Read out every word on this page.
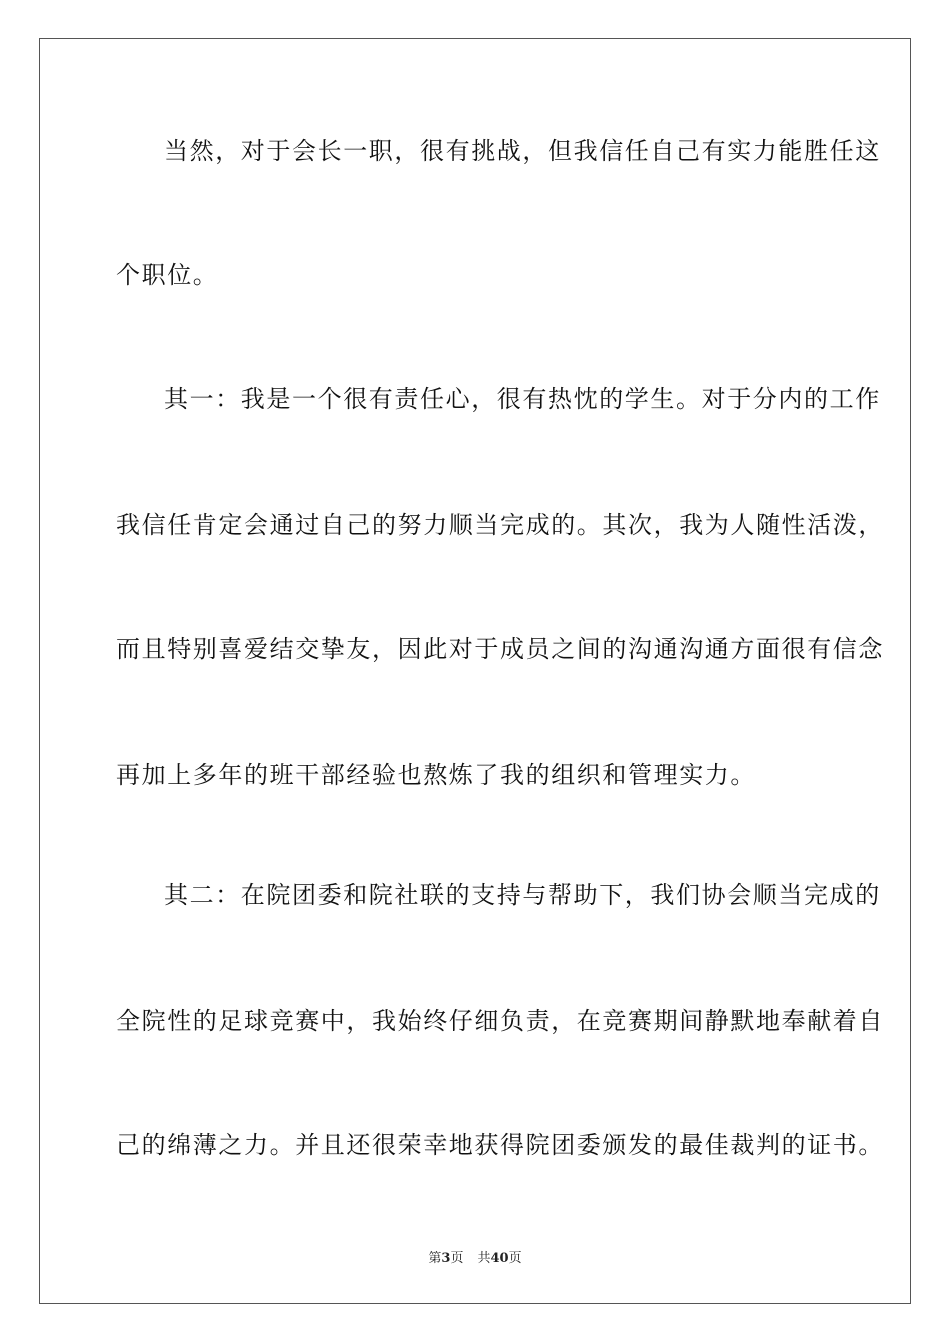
当然，对于会长一职，很有挑战，但我信任自己有实力能胜任这
个职位。
其一：我是一个很有责任心，很有热忱的学生。对于分内的工作
我信任肯定会通过自己的努力顺当完成的。其次，我为人随性活泼，
而且特别喜爱结交挚友，因此对于成员之间的沟通沟通方面很有信念
再加上多年的班干部经验也熬炼了我的组织和管理实力。
其二：在院团委和院社联的支持与帮助下，我们协会顺当完成的
全院性的足球竞赛中，我始终仔细负责，在竞赛期间静默地奉献着自
己的绵薄之力。并且还很荣幸地获得院团委颁发的最佳裁判的证书。
第3页 共40页
